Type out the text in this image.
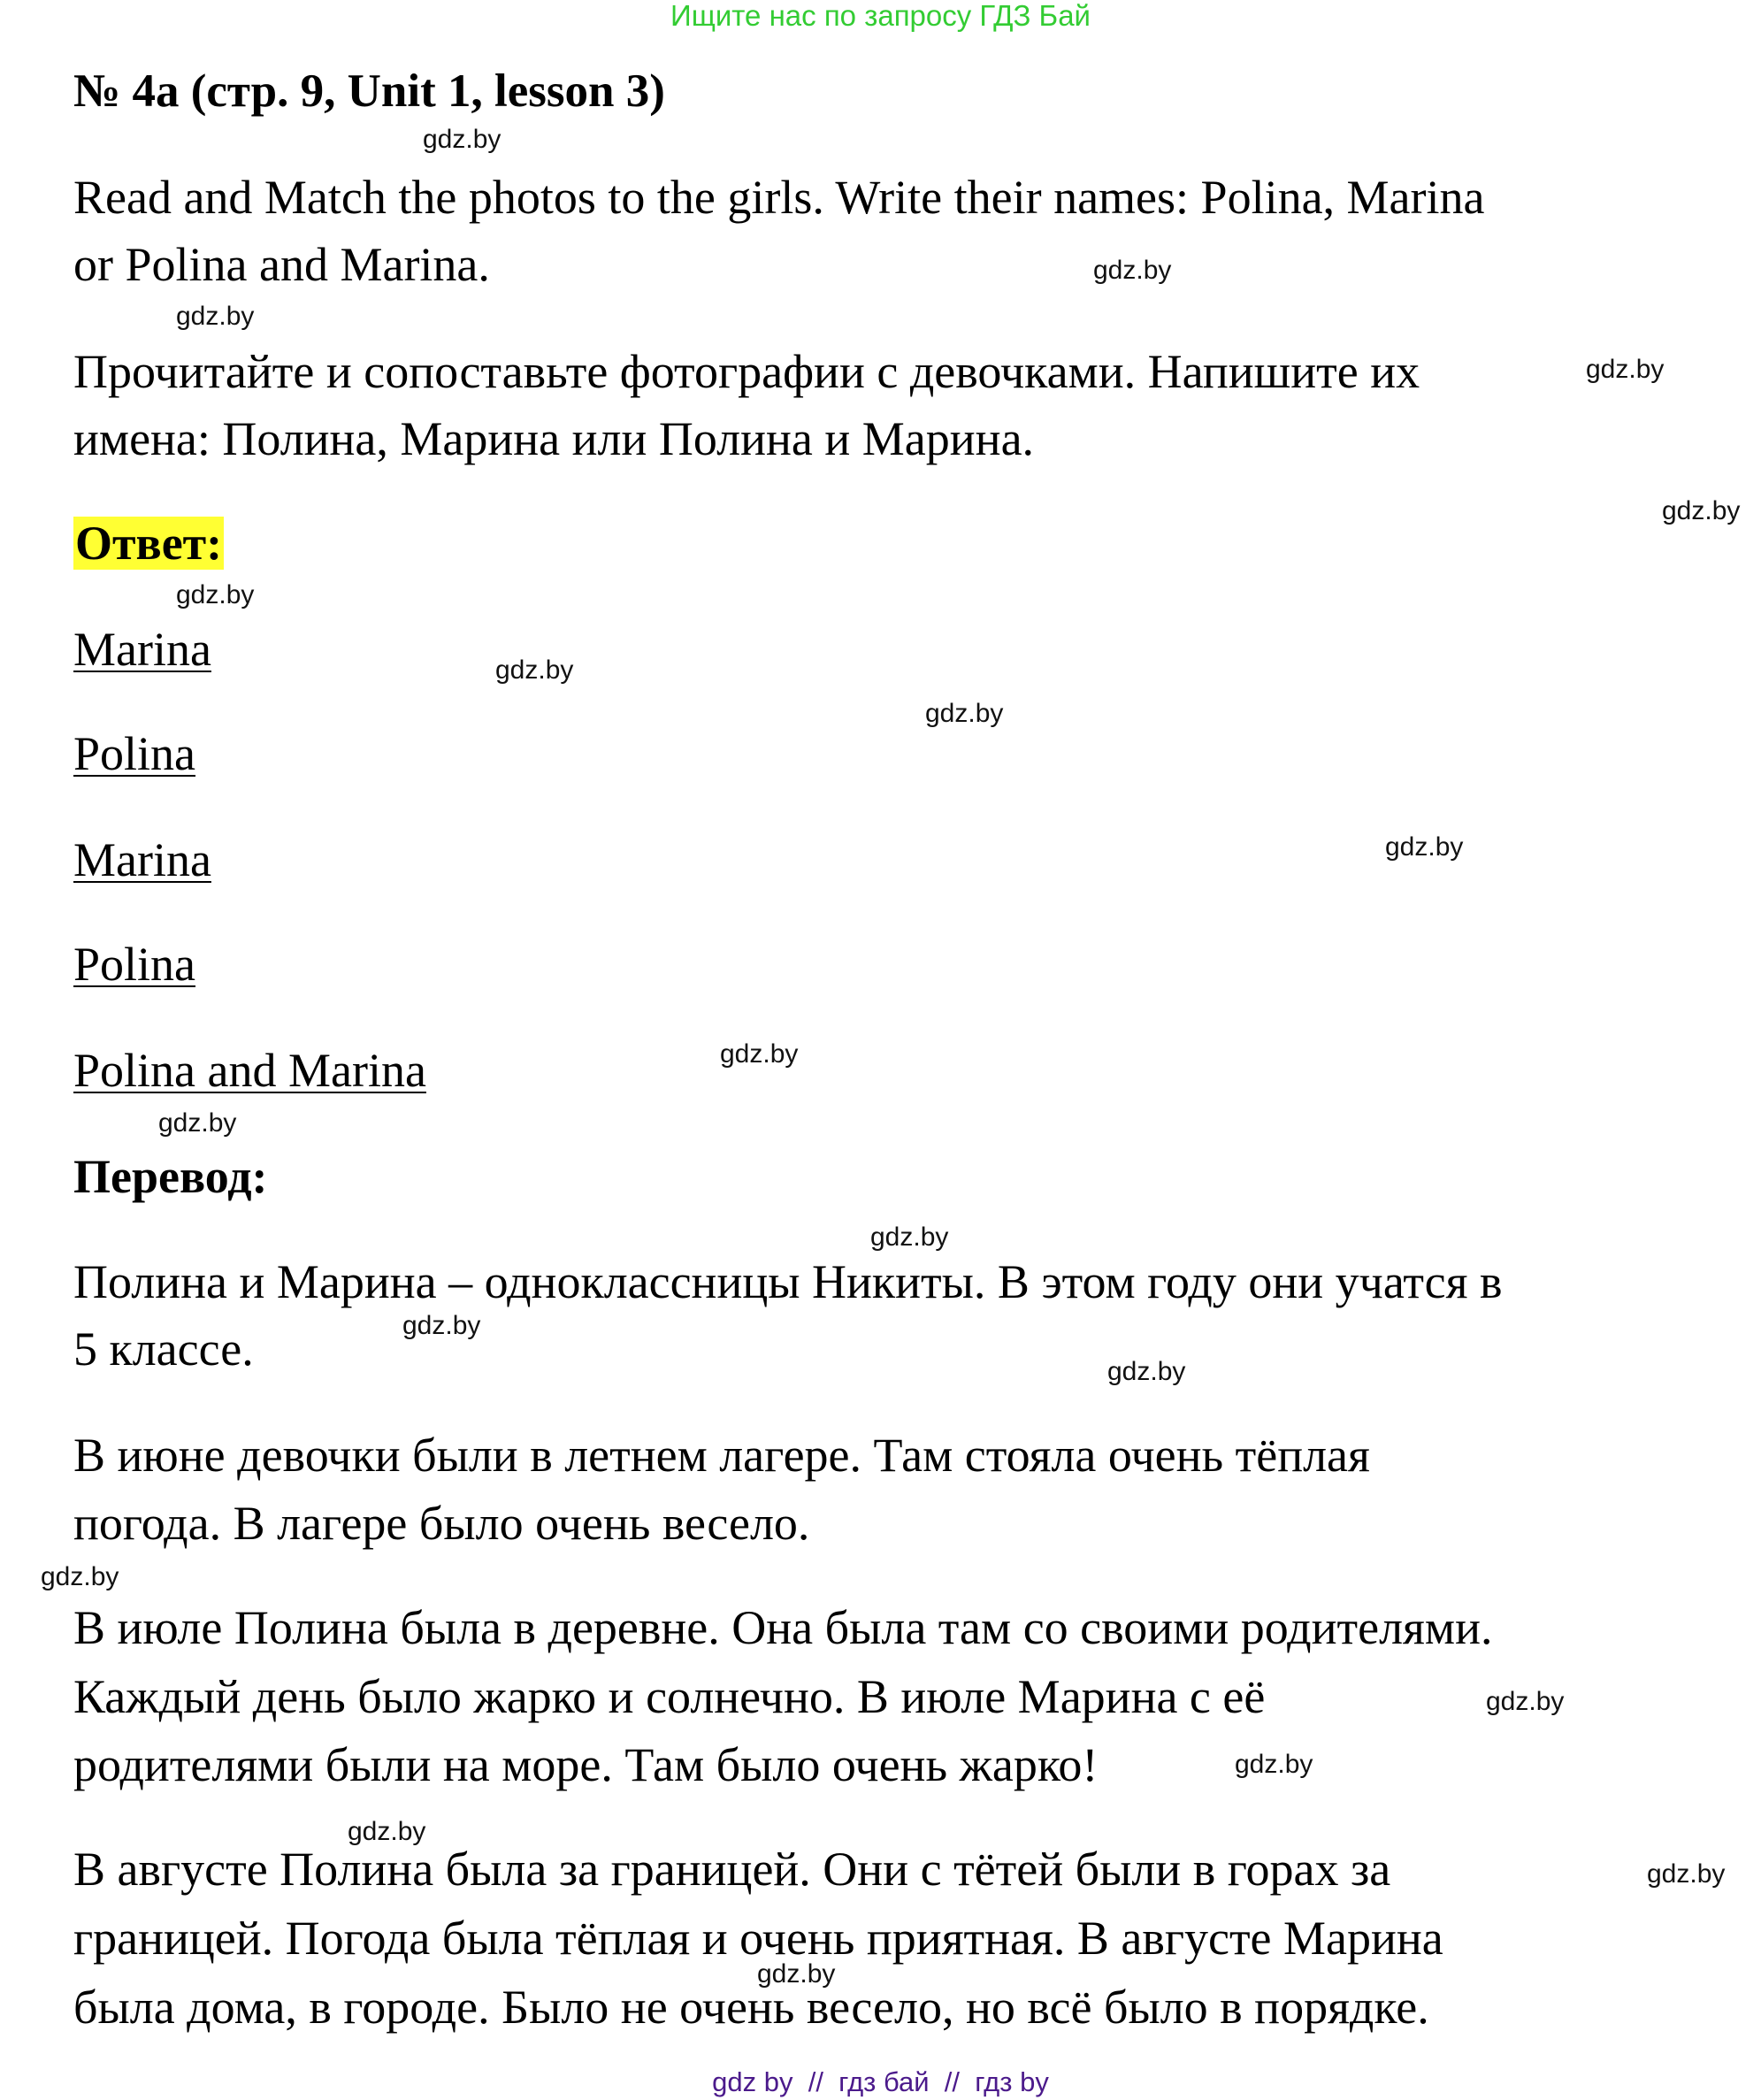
Ищите нас по запросу ГДЗ Бай
№ 4a (стр. 9, Unit 1, lesson 3)
Read and Match the photos to the girls. Write their names: Polina, Marina
or Polina and Marina.
Прочитайте и сопоставьте фотографии с девочками. Напишите их
имена: Полина, Марина или Полина и Марина.
Ответ:
Marina
Polina
Marina
Polina
Polina and Marina
Перевод:
Полина и Марина – одноклассницы Никиты. В этом году они учатся в
5 классе.
В июне девочки были в летнем лагере. Там стояла очень тёплая
погода. В лагере было очень весело.
В июле Полина была в деревне. Она была там со своими родителями.
Каждый день было жарко и солнечно. В июле Марина с её
родителями были на море. Там было очень жарко!
В августе Полина была за границей. Они с тётей были в горах за
границей. Погода была тёплая и очень приятная. В августе Марина
была дома, в городе. Было не очень весело, но всё было в порядке.
gdz.by
gdz.by
gdz.by
gdz.by
gdz.by
gdz.by
gdz.by
gdz.by
gdz.by
gdz.by
gdz.by
gdz.by
gdz.by
gdz.by
gdz.by
gdz.by
gdz.by
gdz.by
gdz.by
gdz.by
gdz by  //  гдз бай  //  гдз by
